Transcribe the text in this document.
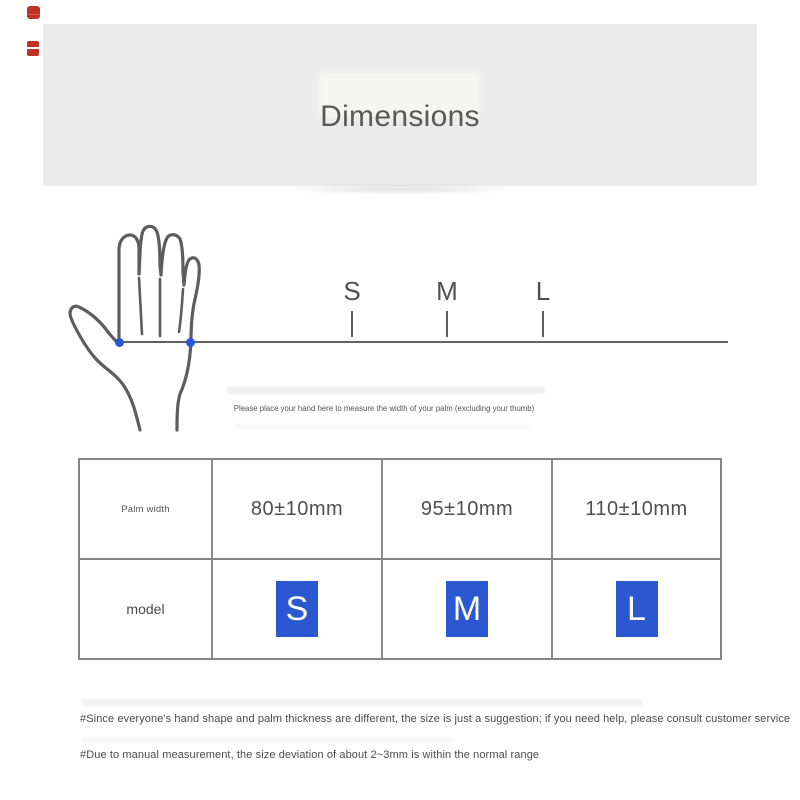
Dimensions
S	M	L
Please place your hand here to measure the width of your palm (excluding your thumb)
Palm width	80±10mm	95±10mm	110±10mm
model	S	M	L
#Since everyone's hand shape and palm thickness are different, the size is just a suggestion; if you need help, please consult customer service
#Due to manual measurement, the size deviation of about 2~3mm is within the normal range
